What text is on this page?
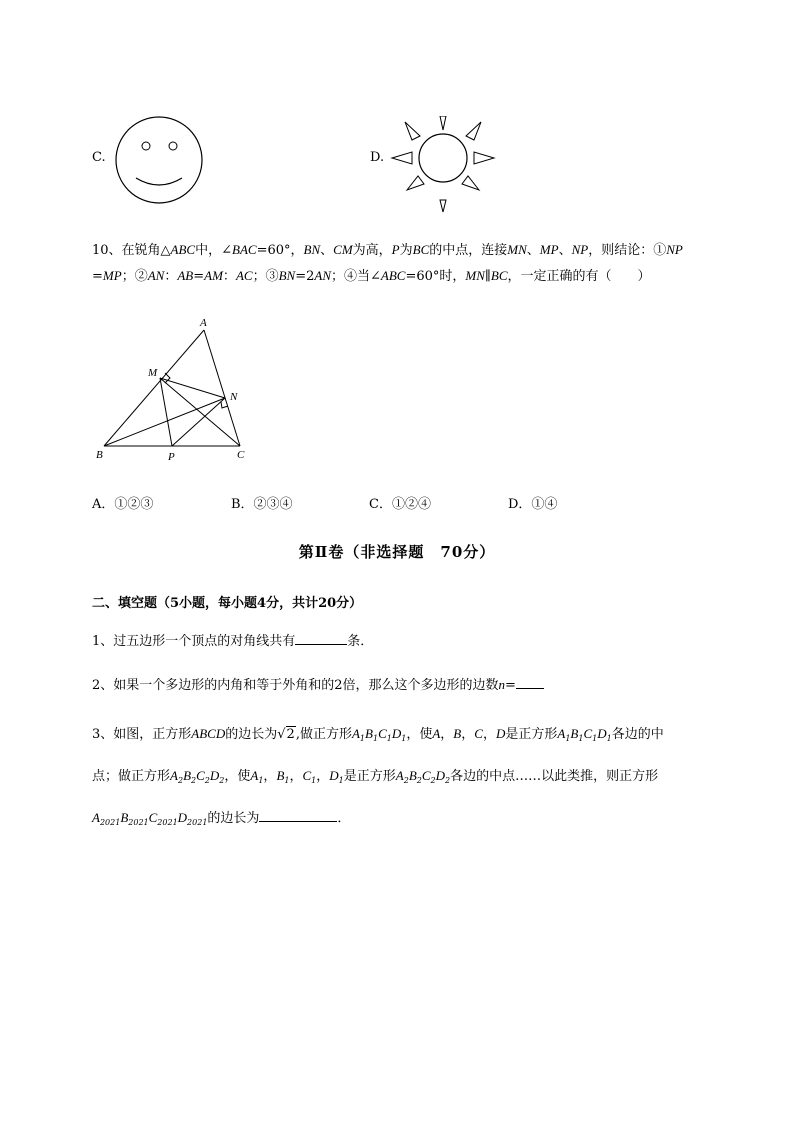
C.	D.
10、在锐角△ABC中，∠BAC=60°，BN、CM为高，P为BC的中点，连接MN、MP、NP，则结论：①NP
=MP；②AN：AB=AM：AC；③BN=2AN；④当∠ABC=60°时，MN∥BC，一定正确的有（　　）
A
M
N
B	P	C
A．①②③	B．②③④	C．①②④	D．①④
第Ⅱ卷（非选择题　70分）
二、填空题（5小题，每小题4分，共计20分）
1、过五边形一个顶点的对角线共有	条．
2、如果一个多边形的内角和等于外角和的2倍，那么这个多边形的边数n=
3、如图，正方形ABCD的边长为√2,做正方形$A_1B_1C_1D_1$，使A，B，C，D是正方形$A_1B_1C_1D_1$各边的中
点；做正方形$A_2B_2C_2D_2$，使$A_1$，$B_1$，$C_1$，$D_1$是正方形$A_2B_2C_2D_2$各边的中点……以此类推，则正方形
$A_{2021}B_{2021}C_{2021}D_{2021}$的边长为	．
